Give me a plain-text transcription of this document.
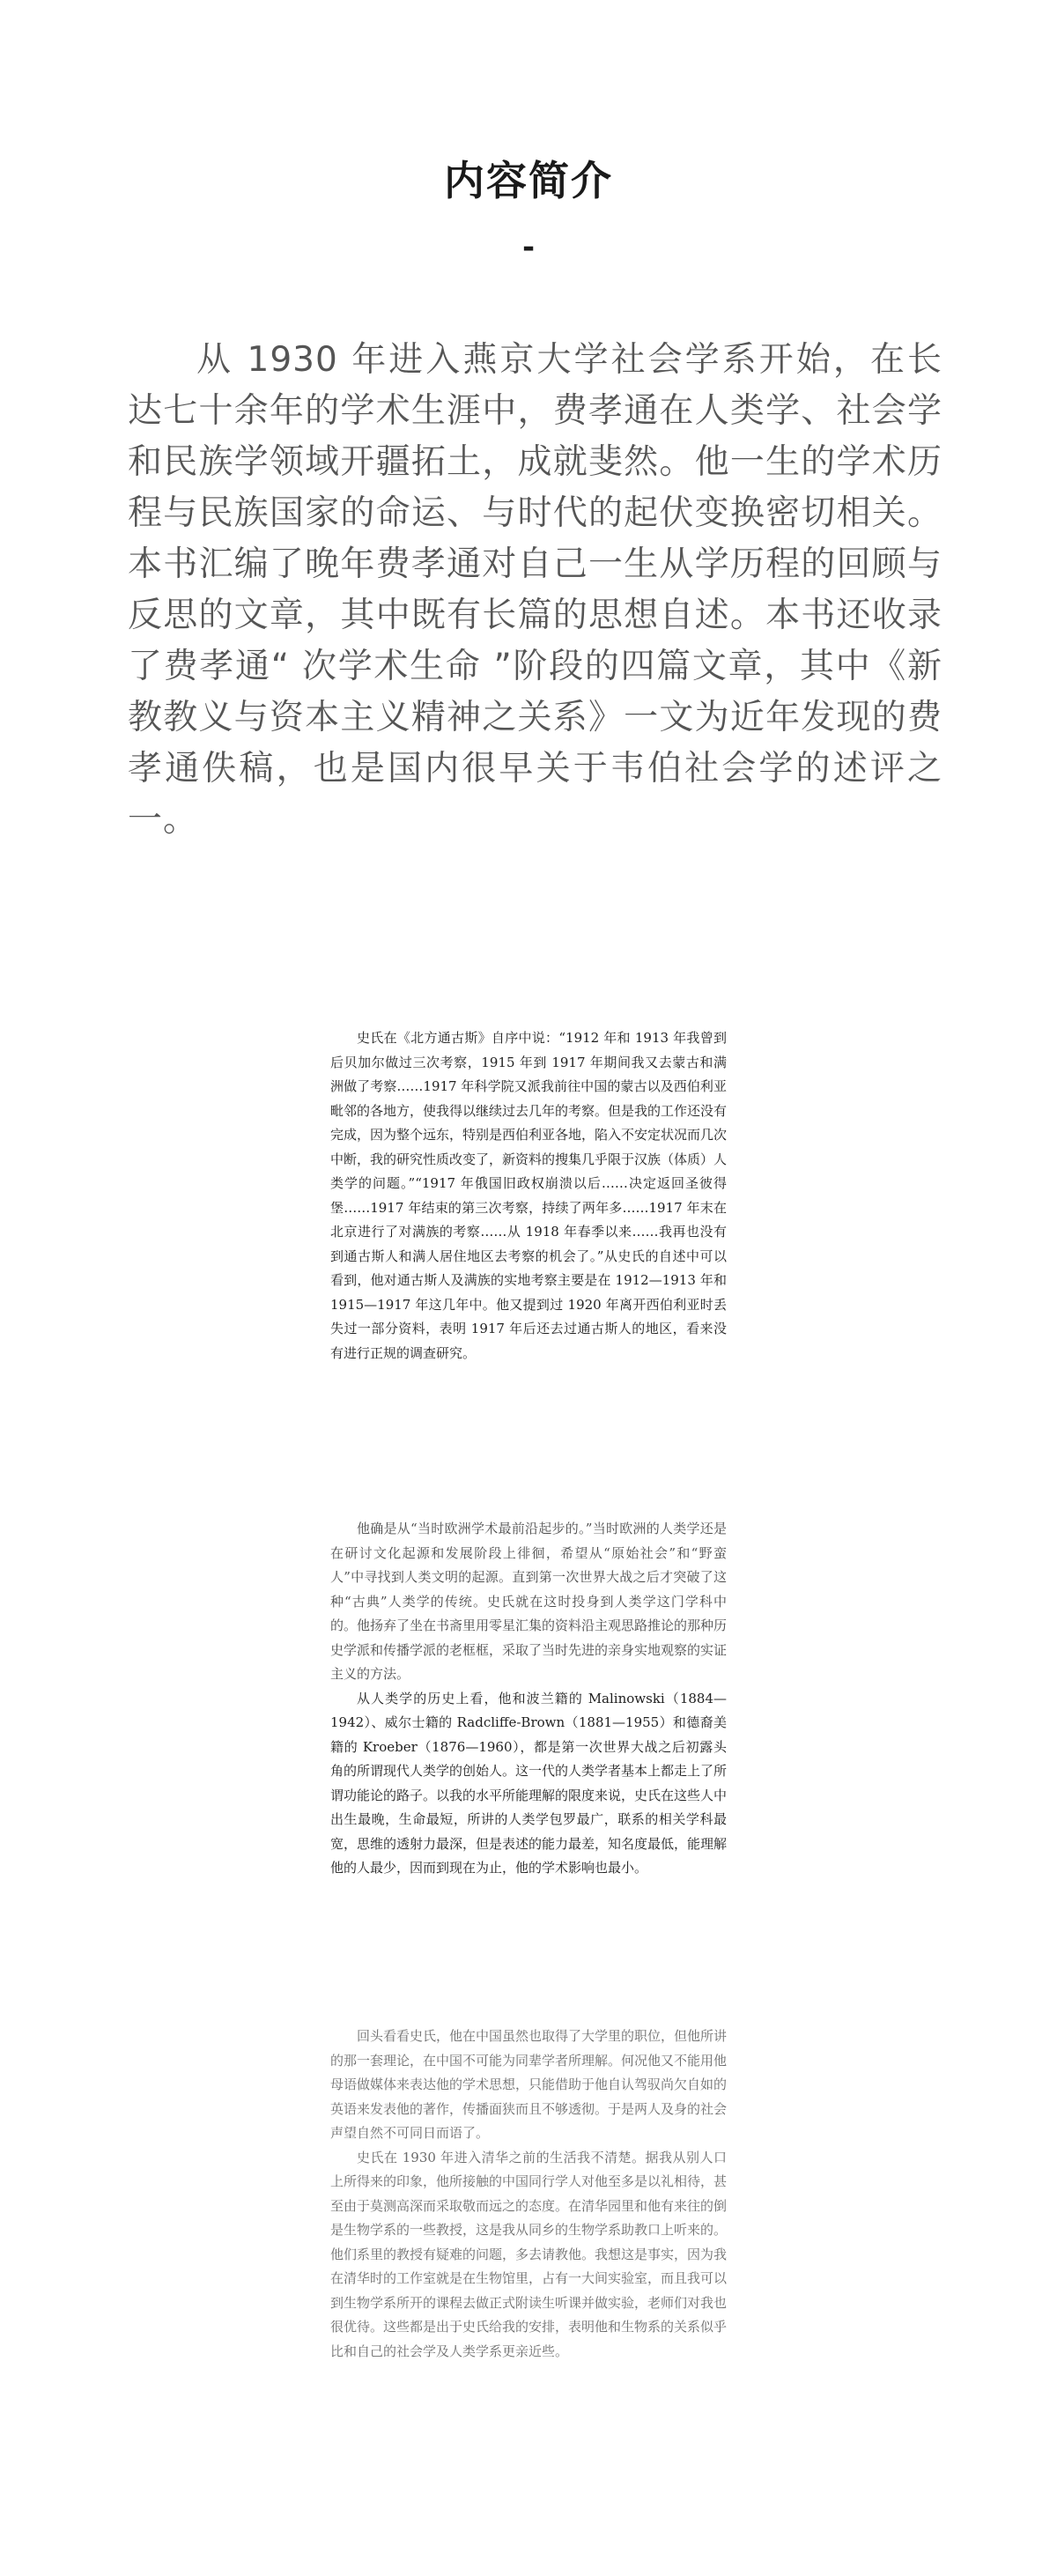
内容简介
-

从 1930 年进入燕京大学社会学系开始，在长达七十余年的学术生涯中，费孝通在人类学、社会学和民族学领域开疆拓土，成就斐然。他一生的学术历程与民族国家的命运、与时代的起伏变换密切相关。本书汇编了晚年费孝通对自己一生从学历程的回顾与反思的文章，其中既有长篇的思想自述。本书还收录了费孝通“ 次学术生命 ”阶段的四篇文章，其中《新教教义与资本主义精神之关系》一文为近年发现的费孝通佚稿，也是国内很早关于韦伯社会学的述评之一。

史氏在《北方通古斯》自序中说：“1912 年和 1913 年我曾到后贝加尔做过三次考察，1915 年到 1917 年期间我又去蒙古和满洲做了考察……1917 年科学院又派我前往中国的蒙古以及西伯利亚毗邻的各地方，使我得以继续过去几年的考察。但是我的工作还没有完成，因为整个远东，特别是西伯利亚各地，陷入不安定状况而几次中断，我的研究性质改变了，新资料的搜集几乎限于汉族（体质）人类学的问题。”“1917 年俄国旧政权崩溃以后……决定返回圣彼得堡……1917 年结束的第三次考察，持续了两年多……1917 年末在北京进行了对满族的考察……从 1918 年春季以来……我再也没有到通古斯人和满人居住地区去考察的机会了。”从史氏的自述中可以看到，他对通古斯人及满族的实地考察主要是在 1912—1913 年和 1915—1917 年这几年中。他又提到过 1920 年离开西伯利亚时丢失过一部分资料，表明 1917 年后还去过通古斯人的地区，看来没有进行正规的调查研究。

他确是从“当时欧洲学术最前沿起步的。”当时欧洲的人类学还是在研讨文化起源和发展阶段上徘徊，希望从“原始社会”和“野蛮人”中寻找到人类文明的起源。直到第一次世界大战之后才突破了这种“古典”人类学的传统。史氏就在这时投身到人类学这门学科中的。他扬弃了坐在书斋里用零星汇集的资料沿主观思路推论的那种历史学派和传播学派的老框框，采取了当时先进的亲身实地观察的实证主义的方法。

从人类学的历史上看，他和波兰籍的 Malinowski（1884—1942）、威尔士籍的 Radcliffe-Brown（1881—1955）和德裔美籍的 Kroeber（1876—1960），都是第一次世界大战之后初露头角的所谓现代人类学的创始人。这一代的人类学者基本上都走上了所谓功能论的路子。以我的水平所能理解的限度来说，史氏在这些人中出生最晚，生命最短，所讲的人类学包罗最广，联系的相关学科最宽，思维的透射力最深，但是表述的能力最差，知名度最低，能理解他的人最少，因而到现在为止，他的学术影响也最小。

回头看看史氏，他在中国虽然也取得了大学里的职位，但他所讲的那一套理论，在中国不可能为同辈学者所理解。何况他又不能用他母语做媒体来表达他的学术思想，只能借助于他自认驾驭尚欠自如的英语来发表他的著作，传播面狭而且不够透彻。于是两人及身的社会声望自然不可同日而语了。

史氏在 1930 年进入清华之前的生活我不清楚。据我从别人口上所得来的印象，他所接触的中国同行学人对他至多是以礼相待，甚至由于莫测高深而采取敬而远之的态度。在清华园里和他有来往的倒是生物学系的一些教授，这是我从同乡的生物学系助教口上听来的。他们系里的教授有疑难的问题，多去请教他。我想这是事实，因为我在清华时的工作室就是在生物馆里，占有一大间实验室，而且我可以到生物学系所开的课程去做正式附读生听课并做实验，老师们对我也很优待。这些都是出于史氏给我的安排，表明他和生物系的关系似乎比和自己的社会学及人类学系更亲近些。
